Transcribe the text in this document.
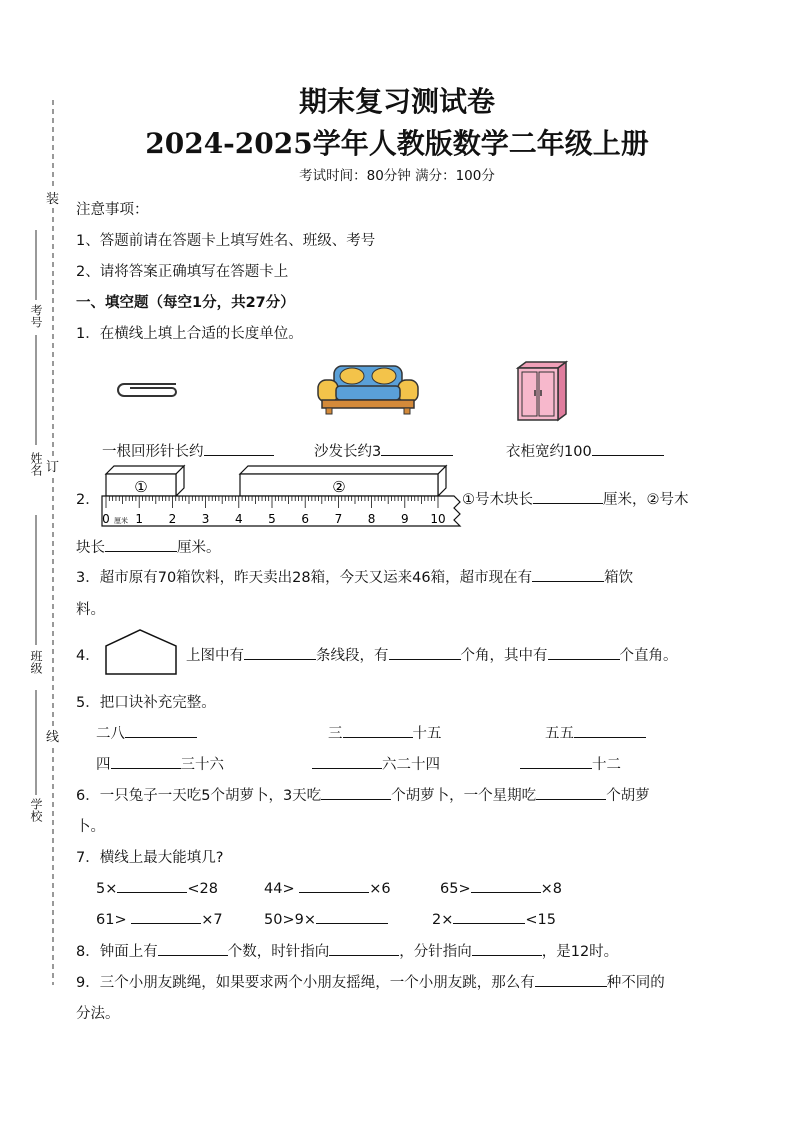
装
订
线
考号
姓名
班级
学校
期末复习测试卷
2024-2025学年人教版数学二年级上册
考试时间：80分钟 满分：100分
注意事项：
1、答题前请在答题卡上填写姓名、班级、考号
2、请将答案正确填写在答题卡上
一、填空题（每空1分，共27分）
1．在横线上填上合适的长度单位。
一根回形针长约	沙发长约3	衣柜宽约100
2．
0 1 2 3 4 5 6 7 8 9 10
①	②
厘米
①号木块长	厘米，②号木
块长	厘米。
3．超市原有70箱饮料，昨天卖出28箱，今天又运来46箱，超市现在有	箱饮
料。
4．	上图中有	条线段，有	个角，其中有	个直角。
5．把口诀补充完整。
二八	三	十五	五五
四	三十六	六二十四	十二
6．一只兔子一天吃5个胡萝卜，3天吃	个胡萝卜，一个星期吃	个胡萝
卜。
7．横线上最大能填几?
5×	<28	44>	×6	65>	×8
61>	×7	50>9×	2×	<15
8．钟面上有	个数，时针指向	，分针指向	，是12时。
9．三个小朋友跳绳，如果要求两个小朋友摇绳，一个小朋友跳，那么有	种不同的
分法。
